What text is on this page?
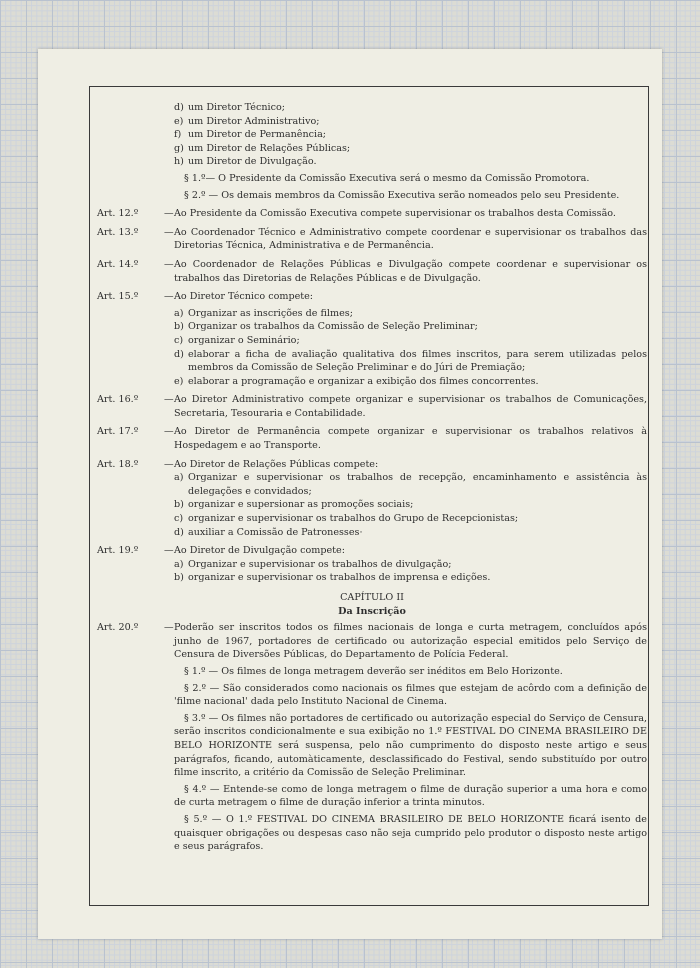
d) um Diretor Técnico;
e) um Diretor Administrativo;
f) um Diretor de Permanência;
g) um Diretor de Relações Públicas;
h) um Diretor de Divulgação.
§ 1.º— O Presidente da Comissão Executiva será o mesmo da Comissão Promotora.
§ 2.º — Os demais membros da Comissão Executiva serão nomeados pelo seu Presidente.
Art. 12.º	— Ao Presidente da Comissão Executiva compete supervisionar os trabalhos desta Comissão.
Art. 13.º	— Ao Coordenador Técnico e Administrativo compete coordenar e supervisionar os trabalhos das Diretorias Técnica, Administrativa e de Permanência.
Art. 14.º	— Ao Coordenador de Relações Públicas e Divulgação compete coordenar e supervisionar os trabalhos das Diretorias de Relações Públicas e de Divulgação.
Art. 15.º	— Ao Diretor Técnico compete:
a) Organizar as inscrições de filmes;
b) Organizar os trabalhos da Comissão de Seleção Preliminar;
c) organizar o Seminário;
d) elaborar a ficha de avaliação qualitativa dos filmes inscritos, para serem utilizadas pelos membros da Comissão de Seleção Preliminar e do Júri de Premiação;
e) elaborar a programação e organizar a exibição dos filmes concorrentes.
Art. 16.º	— Ao Diretor Administrativo compete organizar e supervisionar os trabalhos de Comunicações, Secretaria, Tesouraria e Contabilidade.
Art. 17.º	— Ao Diretor de Permanência compete organizar e supervisionar os trabalhos relativos à Hospedagem e ao Transporte.
Art. 18.º	— Ao Diretor de Relações Públicas compete:
a) Organizar e supervisionar os trabalhos de recepção, encaminhamento e assistência às delegações e convidados;
b) organizar e supersionar as promoções sociais;
c) organizar e supervisionar os trabalhos do Grupo de Recepcionistas;
d) auxiliar a Comissão de Patronesses·
Art. 19.º	— Ao Diretor de Divulgação compete:
a) Organizar e supervisionar os trabalhos de divulgação;
b) organizar e supervisionar os trabalhos de imprensa e edições.
CAPÍTULO II
Da Inscrição
Art. 20.º	— Poderão ser inscritos todos os filmes nacionais de longa e curta metragem, concluídos após junho de 1967, portadores de certificado ou autorização especial emitidos pelo Serviço de Censura de Diversões Públicas, do Departamento de Polícia Federal.
§ 1.º — Os filmes de longa metragem deverão ser inéditos em Belo Horizonte.
§ 2.º — São considerados como nacionais os filmes que estejam de acôrdo com a definição de 'filme nacional' dada pelo Instituto Nacional de Cinema.
§ 3.º — Os filmes não portadores de certificado ou autorização especial do Serviço de Censura, serão inscritos condicionalmente e sua exibição no 1.º FESTIVAL DO CINEMA BRASILEIRO DE BELO HORIZONTE será suspensa, pelo não cumprimento do disposto neste artigo e seus parágrafos, ficando, automàticamente, desclassificado do Festival, sendo substituído por outro filme inscrito, a critério da Comissão de Seleção Preliminar.
§ 4.º — Entende-se como de longa metragem o filme de duração superior a uma hora e como de curta metragem o filme de duração inferior a trinta minutos.
§ 5.º — O 1.º FESTIVAL DO CINEMA BRASILEIRO DE BELO HORIZONTE ficará isento de quaisquer obrigações ou despesas caso não seja cumprido pelo produtor o disposto neste artigo e seus parágrafos.
